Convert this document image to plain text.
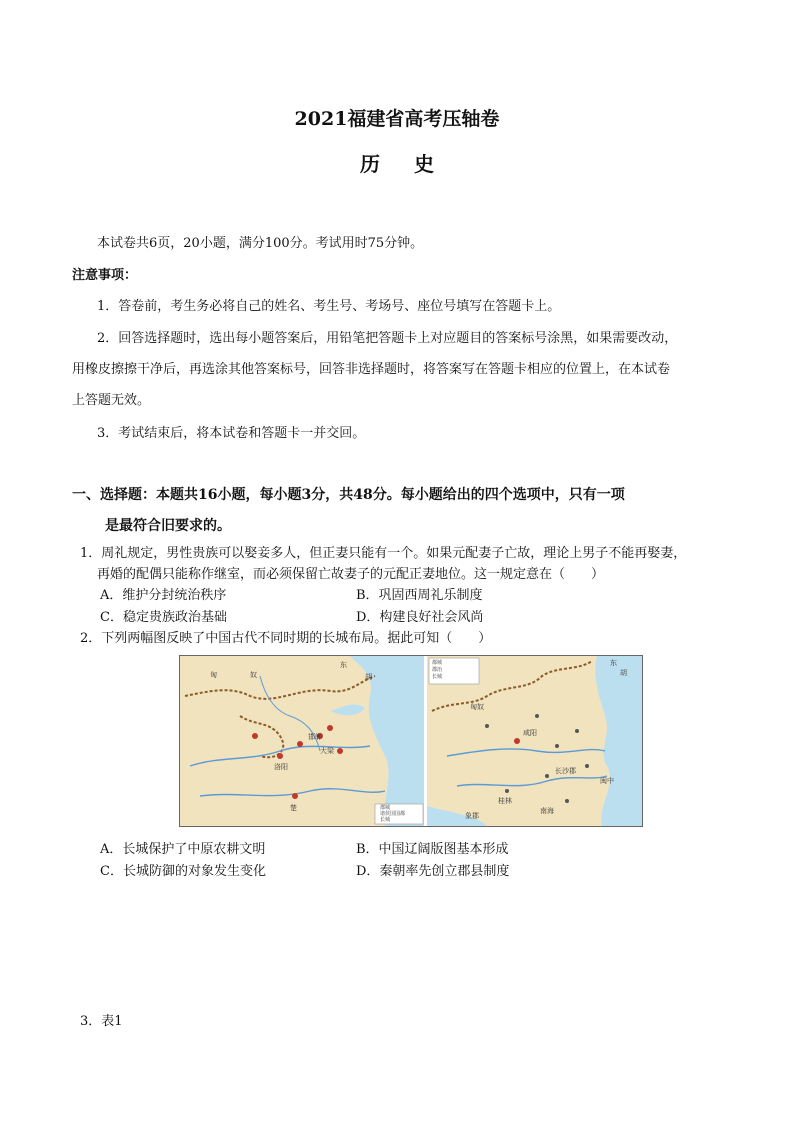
2021福建省高考压轴卷
历史
本试卷共6页，20小题，满分100分。考试用时75分钟。
注意事项：
1．答卷前，考生务必将自己的姓名、考生号、考场号、座位号填写在答题卡上。
2．回答选择题时，选出每小题答案后，用铅笔把答题卡上对应题目的答案标号涂黑，如果需要改动，
用橡皮擦擦干净后，再选涂其他答案标号，回答非选择题时，将答案写在答题卡相应的位置上，在本试卷
上答题无效。
3．考试结束后，将本试卷和答题卡一并交回。
一、选择题：本题共16小题，每小题3分，共48分。每小题给出的四个选项中，只有一项
是最符合旧要求的。
1．周礼规定，男性贵族可以娶妾多人，但正妻只能有一个。如果元配妻子亡故，理论上男子不能再娶妻，
再婚的配偶只能称作继室，而必须保留亡故妻子的元配正妻地位。这一规定意在（　　）
A．维护分封统治秩序	B．巩固西周礼乐制度
C．稳定贵族政治基础	D．构建良好社会风尚
2．下列两幅图反映了中国古代不同时期的长城布局。据此可知（　　）
匈	奴
东
胡
洛阳
大梁
邯郸
楚	郡城
诸侯国国都
长城
东
胡
匈奴
咸阳
闽中
南海
长沙郡
桂林
象郡
都城
郡治
长城
A．长城保护了中原农耕文明	B．中国辽阔版图基本形成
C．长城防御的对象发生变化	D．秦朝率先创立郡县制度
3．表1
